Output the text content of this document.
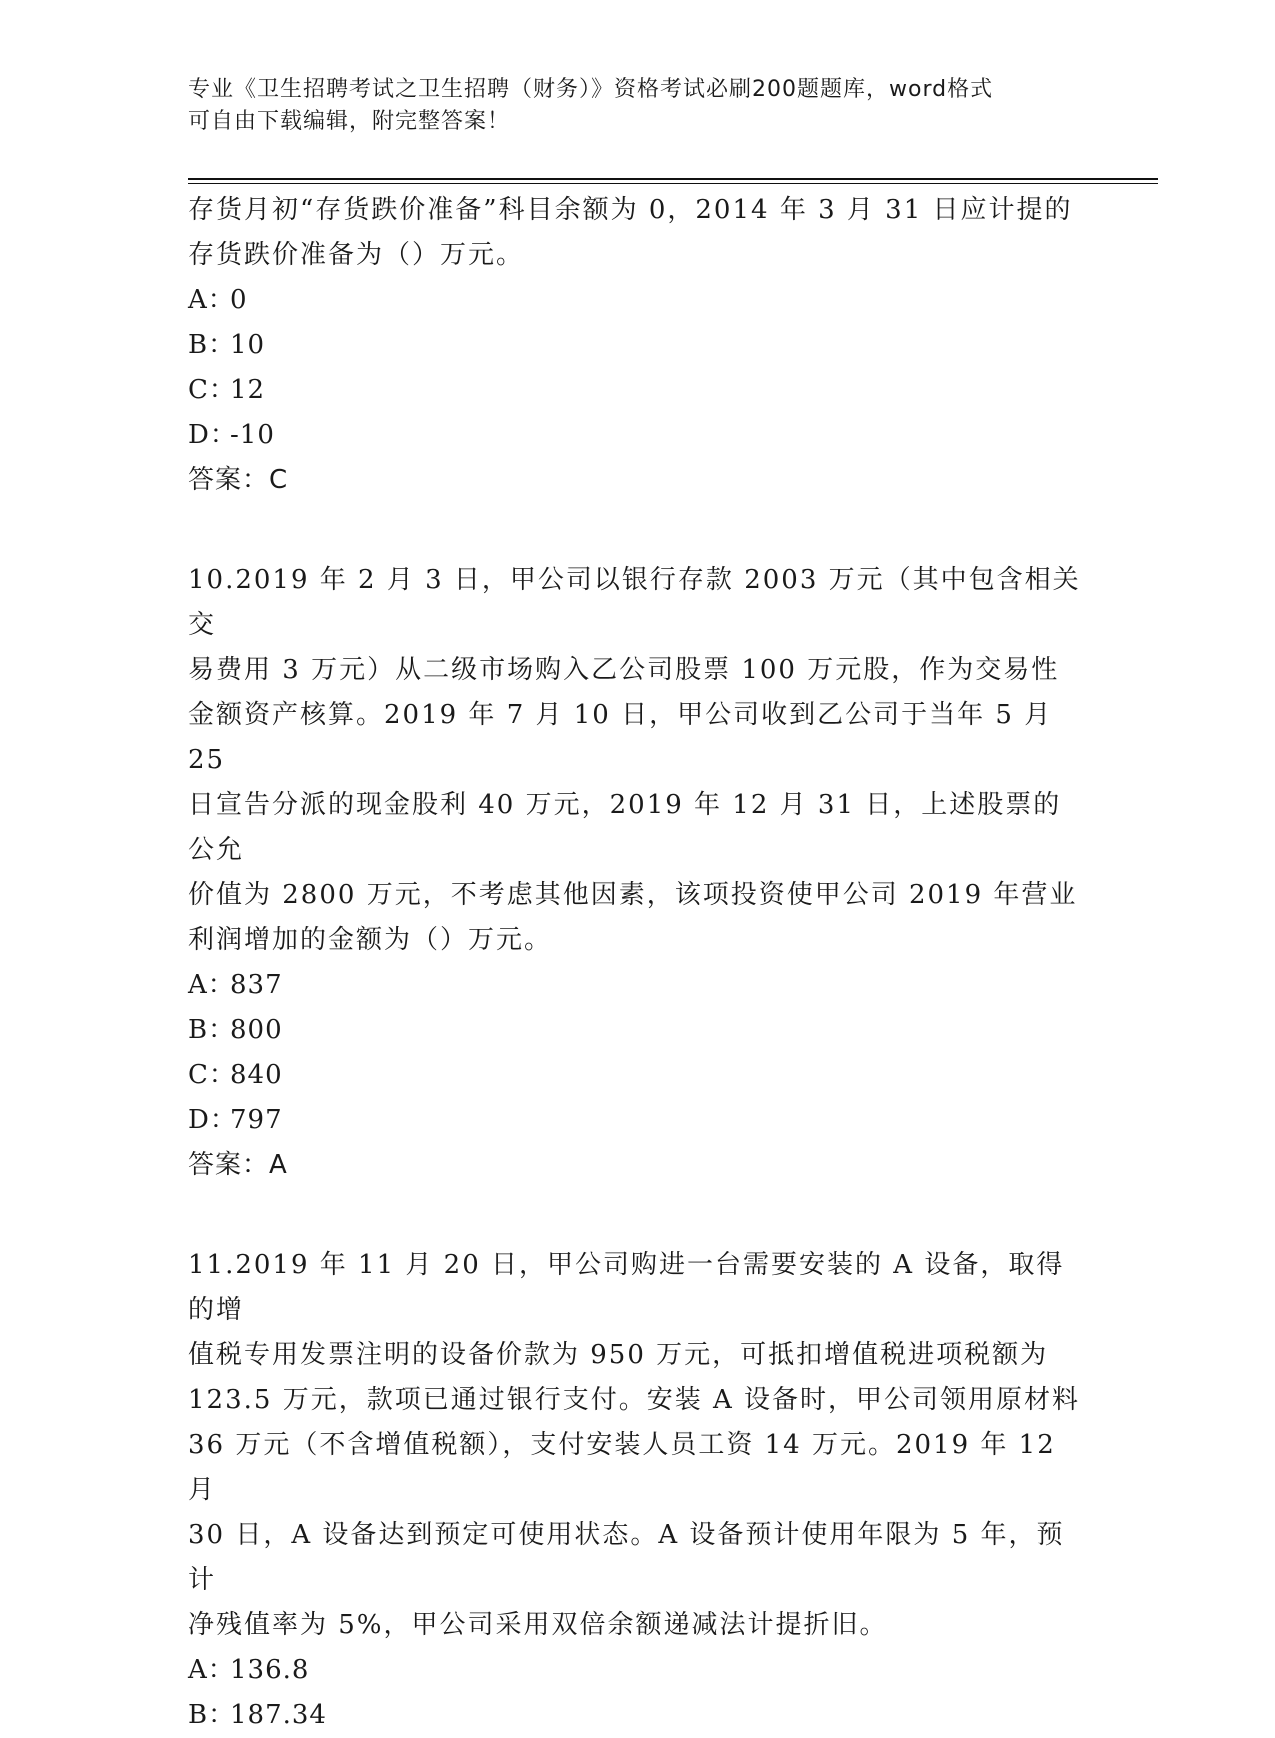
专业《卫生招聘考试之卫生招聘（财务）》资格考试必刷200题题库，word格式
可自由下载编辑，附完整答案！

存货月初“存货跌价准备”科目余额为 0，2014 年 3 月 31 日应计提的

存货跌价准备为（）万元。

A：0

B：10

C：12

D：-10

答案：C

10.2019 年 2 月 3 日，甲公司以银行存款 2003 万元（其中包含相关交

易费用 3 万元）从二级市场购入乙公司股票 100 万元股，作为交易性

金额资产核算。2019 年 7 月 10 日，甲公司收到乙公司于当年 5 月 25

日宣告分派的现金股利 40 万元，2019 年 12 月 31 日，上述股票的公允

价值为 2800 万元，不考虑其他因素，该项投资使甲公司 2019 年营业

利润增加的金额为（）万元。

A：837

B：800

C：840

D：797

答案：A

11.2019 年 11 月 20 日，甲公司购进一台需要安装的 A 设备，取得的增

值税专用发票注明的设备价款为 950 万元，可抵扣增值税进项税额为

123.5 万元，款项已通过银行支付。安装 A 设备时，甲公司领用原材料

36 万元（不含增值税额），支付安装人员工资 14 万元。2019 年 12 月

30 日，A 设备达到预定可使用状态。A 设备预计使用年限为 5 年，预计

净残值率为 5%，甲公司采用双倍余额递减法计提折旧。

A：136.8

B：187.34
